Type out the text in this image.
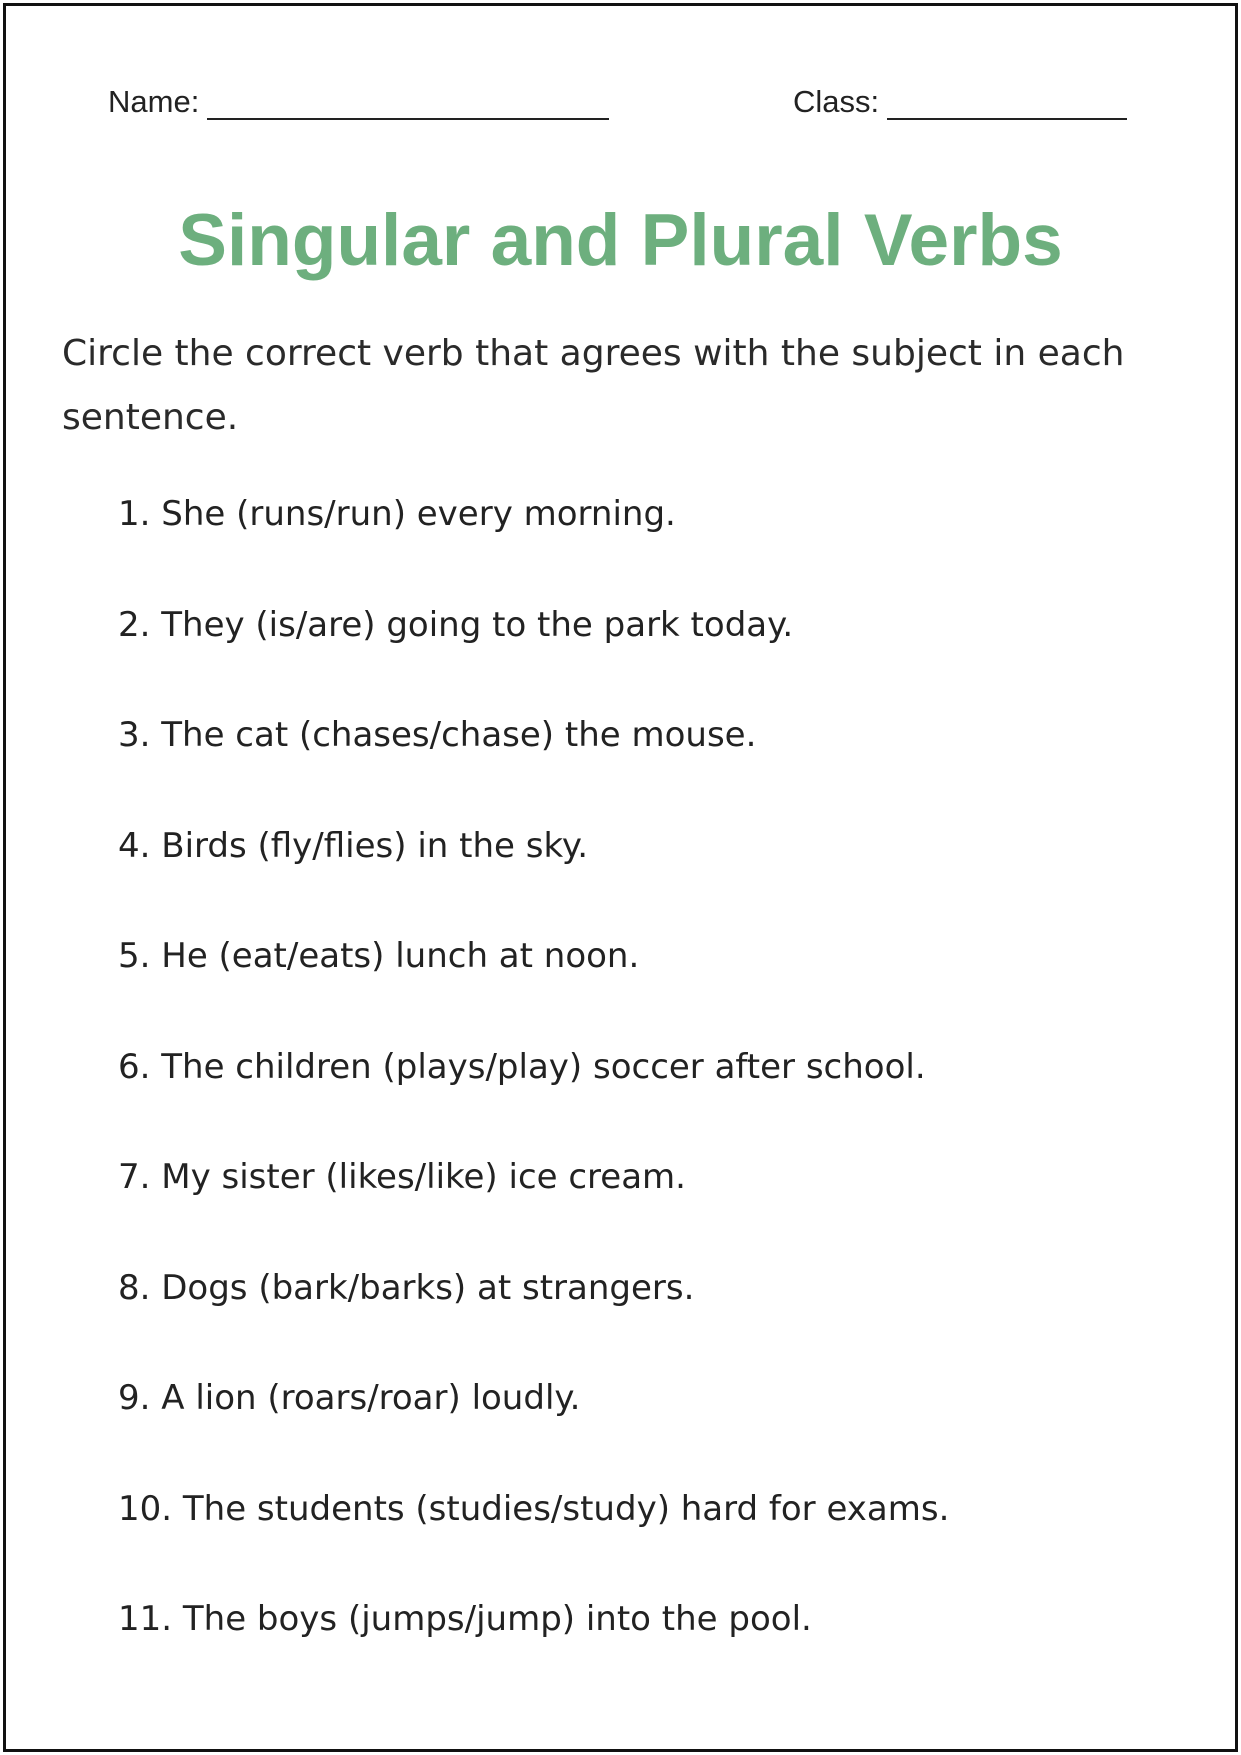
Name:	Class:
Singular and Plural Verbs
Circle the correct verb that agrees with the subject in each sentence.
1. She (runs/run) every morning.
2. They (is/are) going to the park today.
3. The cat (chases/chase) the mouse.
4. Birds (fly/flies) in the sky.
5. He (eat/eats) lunch at noon.
6. The children (plays/play) soccer after school.
7. My sister (likes/like) ice cream.
8. Dogs (bark/barks) at strangers.
9. A lion (roars/roar) loudly.
10. The students (studies/study) hard for exams.
11. The boys (jumps/jump) into the pool.
